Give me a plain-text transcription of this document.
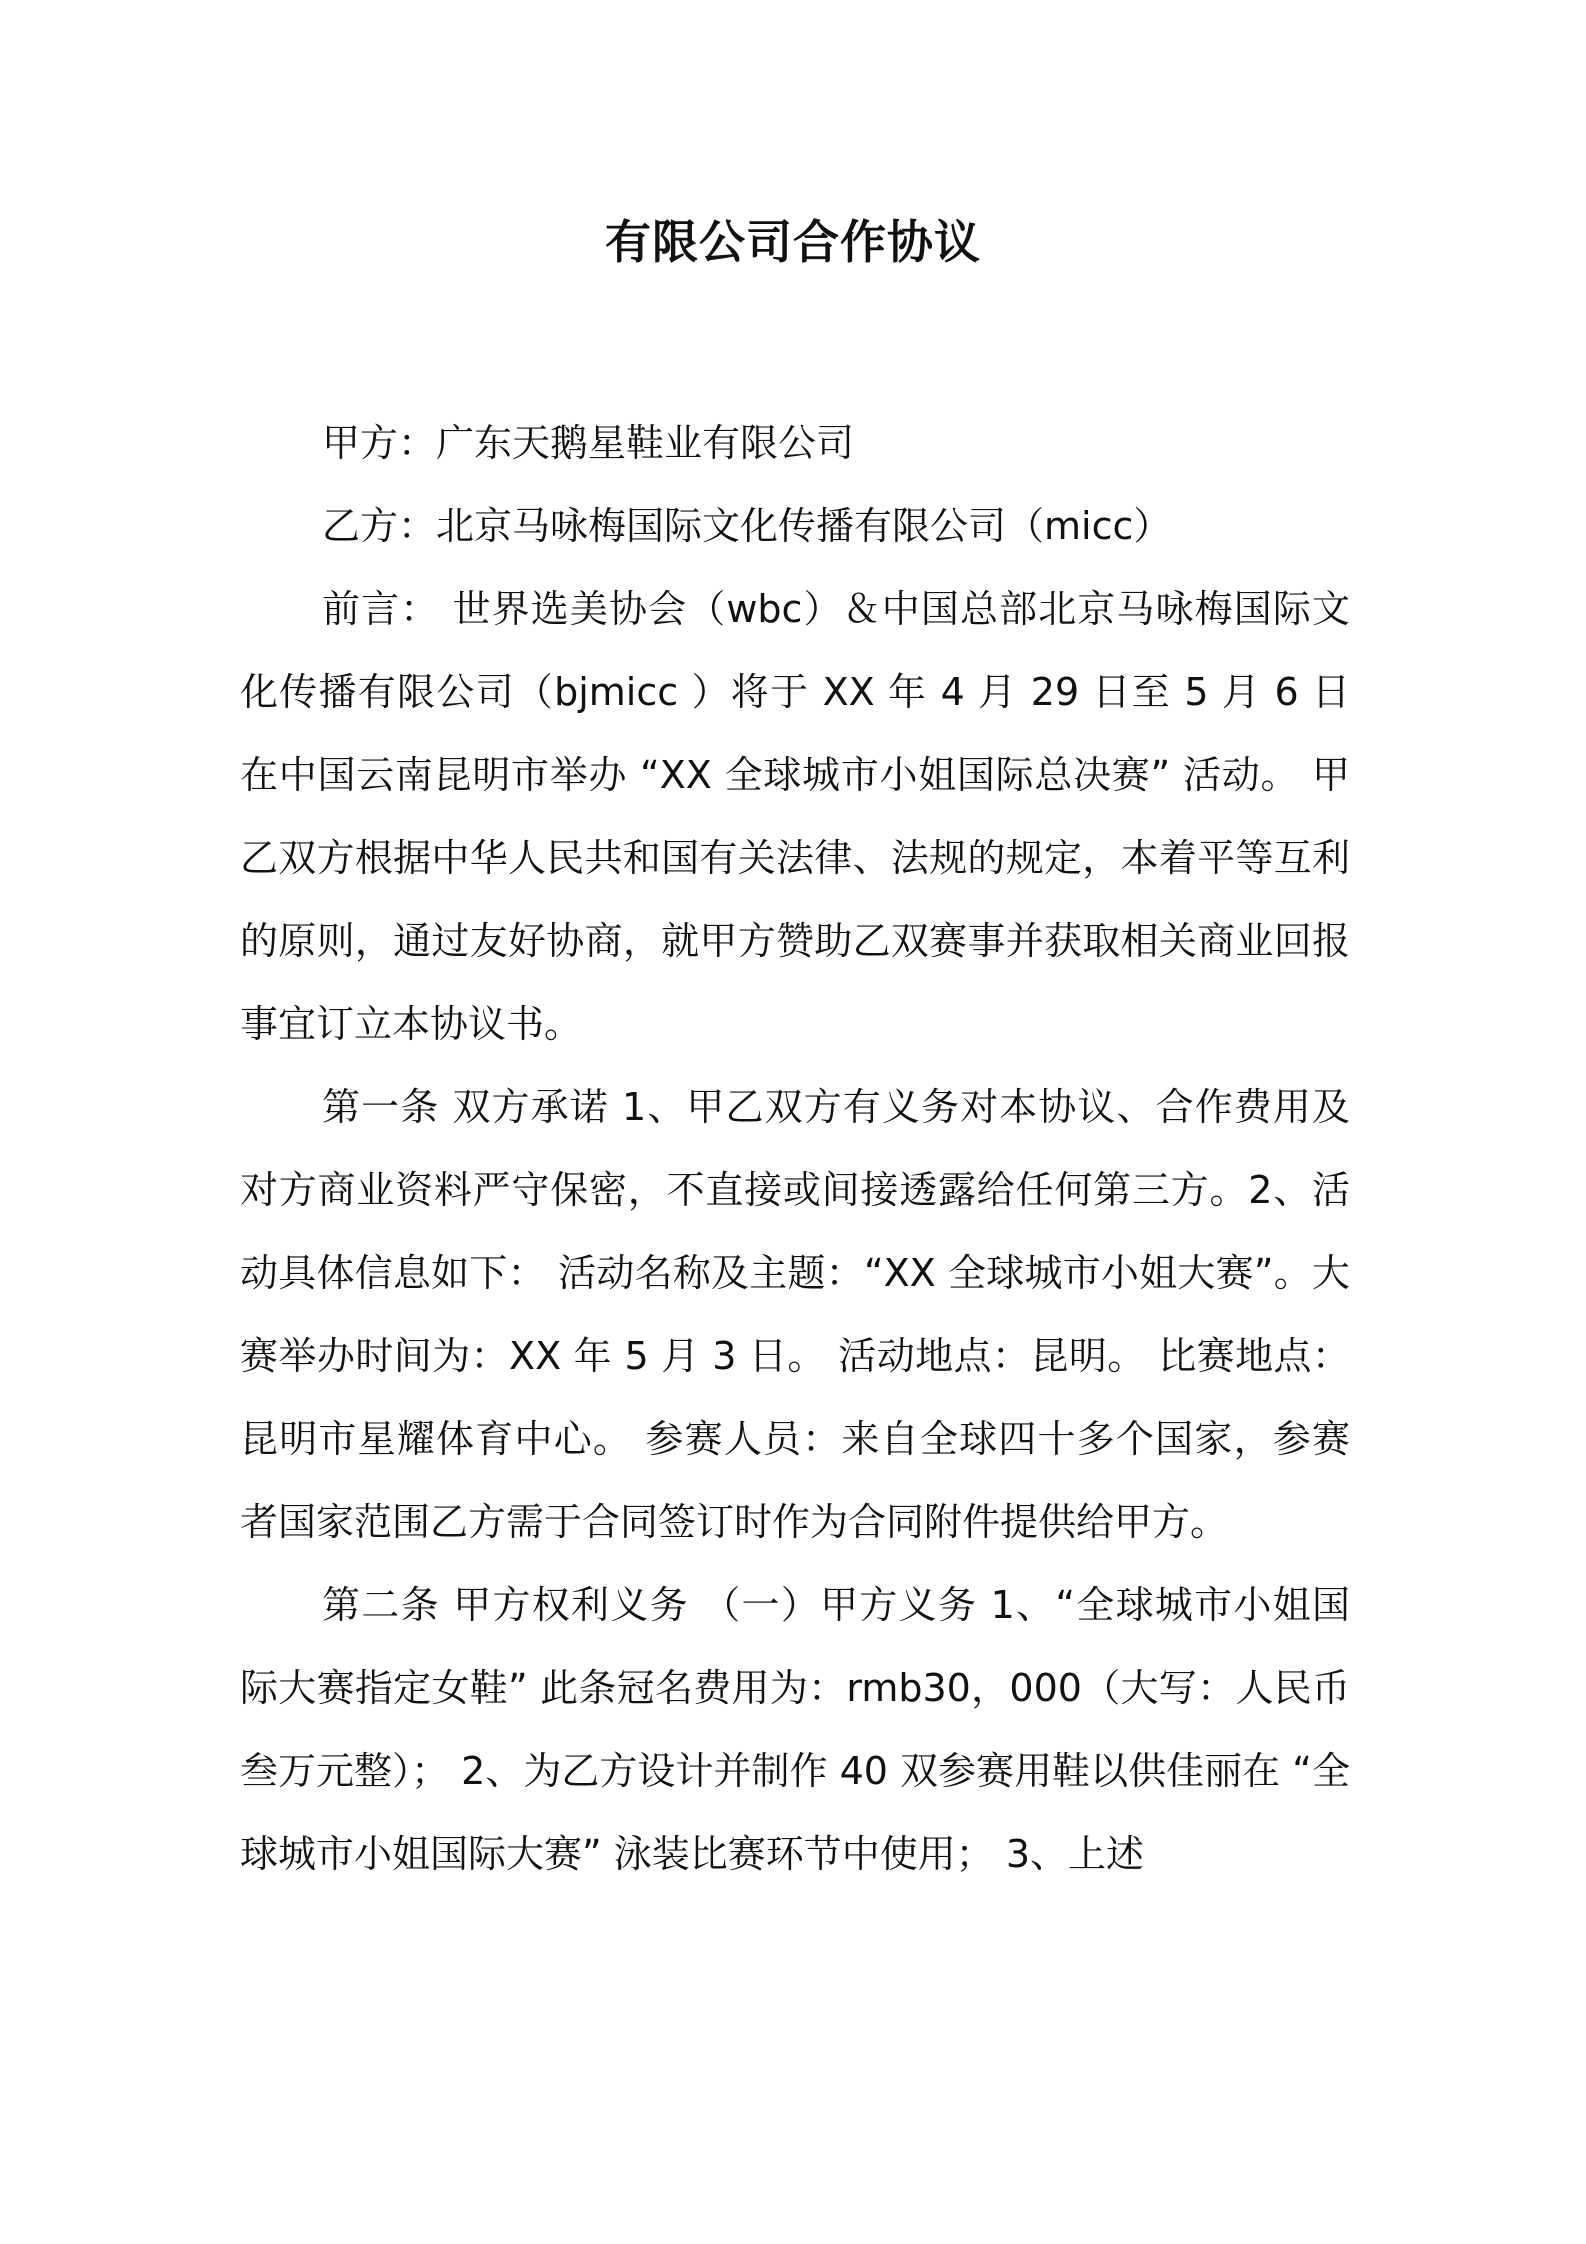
有限公司合作协议

甲方：广东天鹅星鞋业有限公司

乙方：北京马咏梅国际文化传播有限公司（micc）

前言： 世界选美协会（wbc）＆中国总部北京马咏梅国际文化传播有限公司（bjmicc ）将于 XX 年 4 月 29 日至 5 月 6 日在中国云南昆明市举办 “XX 全球城市小姐国际总决赛” 活动。 甲乙双方根据中华人民共和国有关法律、法规的规定，本着平等互利的原则，通过友好协商，就甲方赞助乙双赛事并获取相关商业回报事宜订立本协议书。

第一条 双方承诺 1、甲乙双方有义务对本协议、合作费用及对方商业资料严守保密，不直接或间接透露给任何第三方。2、活动具体信息如下： 活动名称及主题：“XX 全球城市小姐大赛”。大赛举办时间为：XX 年 5 月 3 日。 活动地点：昆明。 比赛地点：昆明市星耀体育中心。 参赛人员：来自全球四十多个国家，参赛者国家范围乙方需于合同签订时作为合同附件提供给甲方。

第二条 甲方权利义务 （一）甲方义务 1、“全球城市小姐国际大赛指定女鞋” 此条冠名费用为：rmb30，000（大写：人民币叁万元整）； 2、为乙方设计并制作 40 双参赛用鞋以供佳丽在 “全球城市小姐国际大赛” 泳装比赛环节中使用； 3、上述
